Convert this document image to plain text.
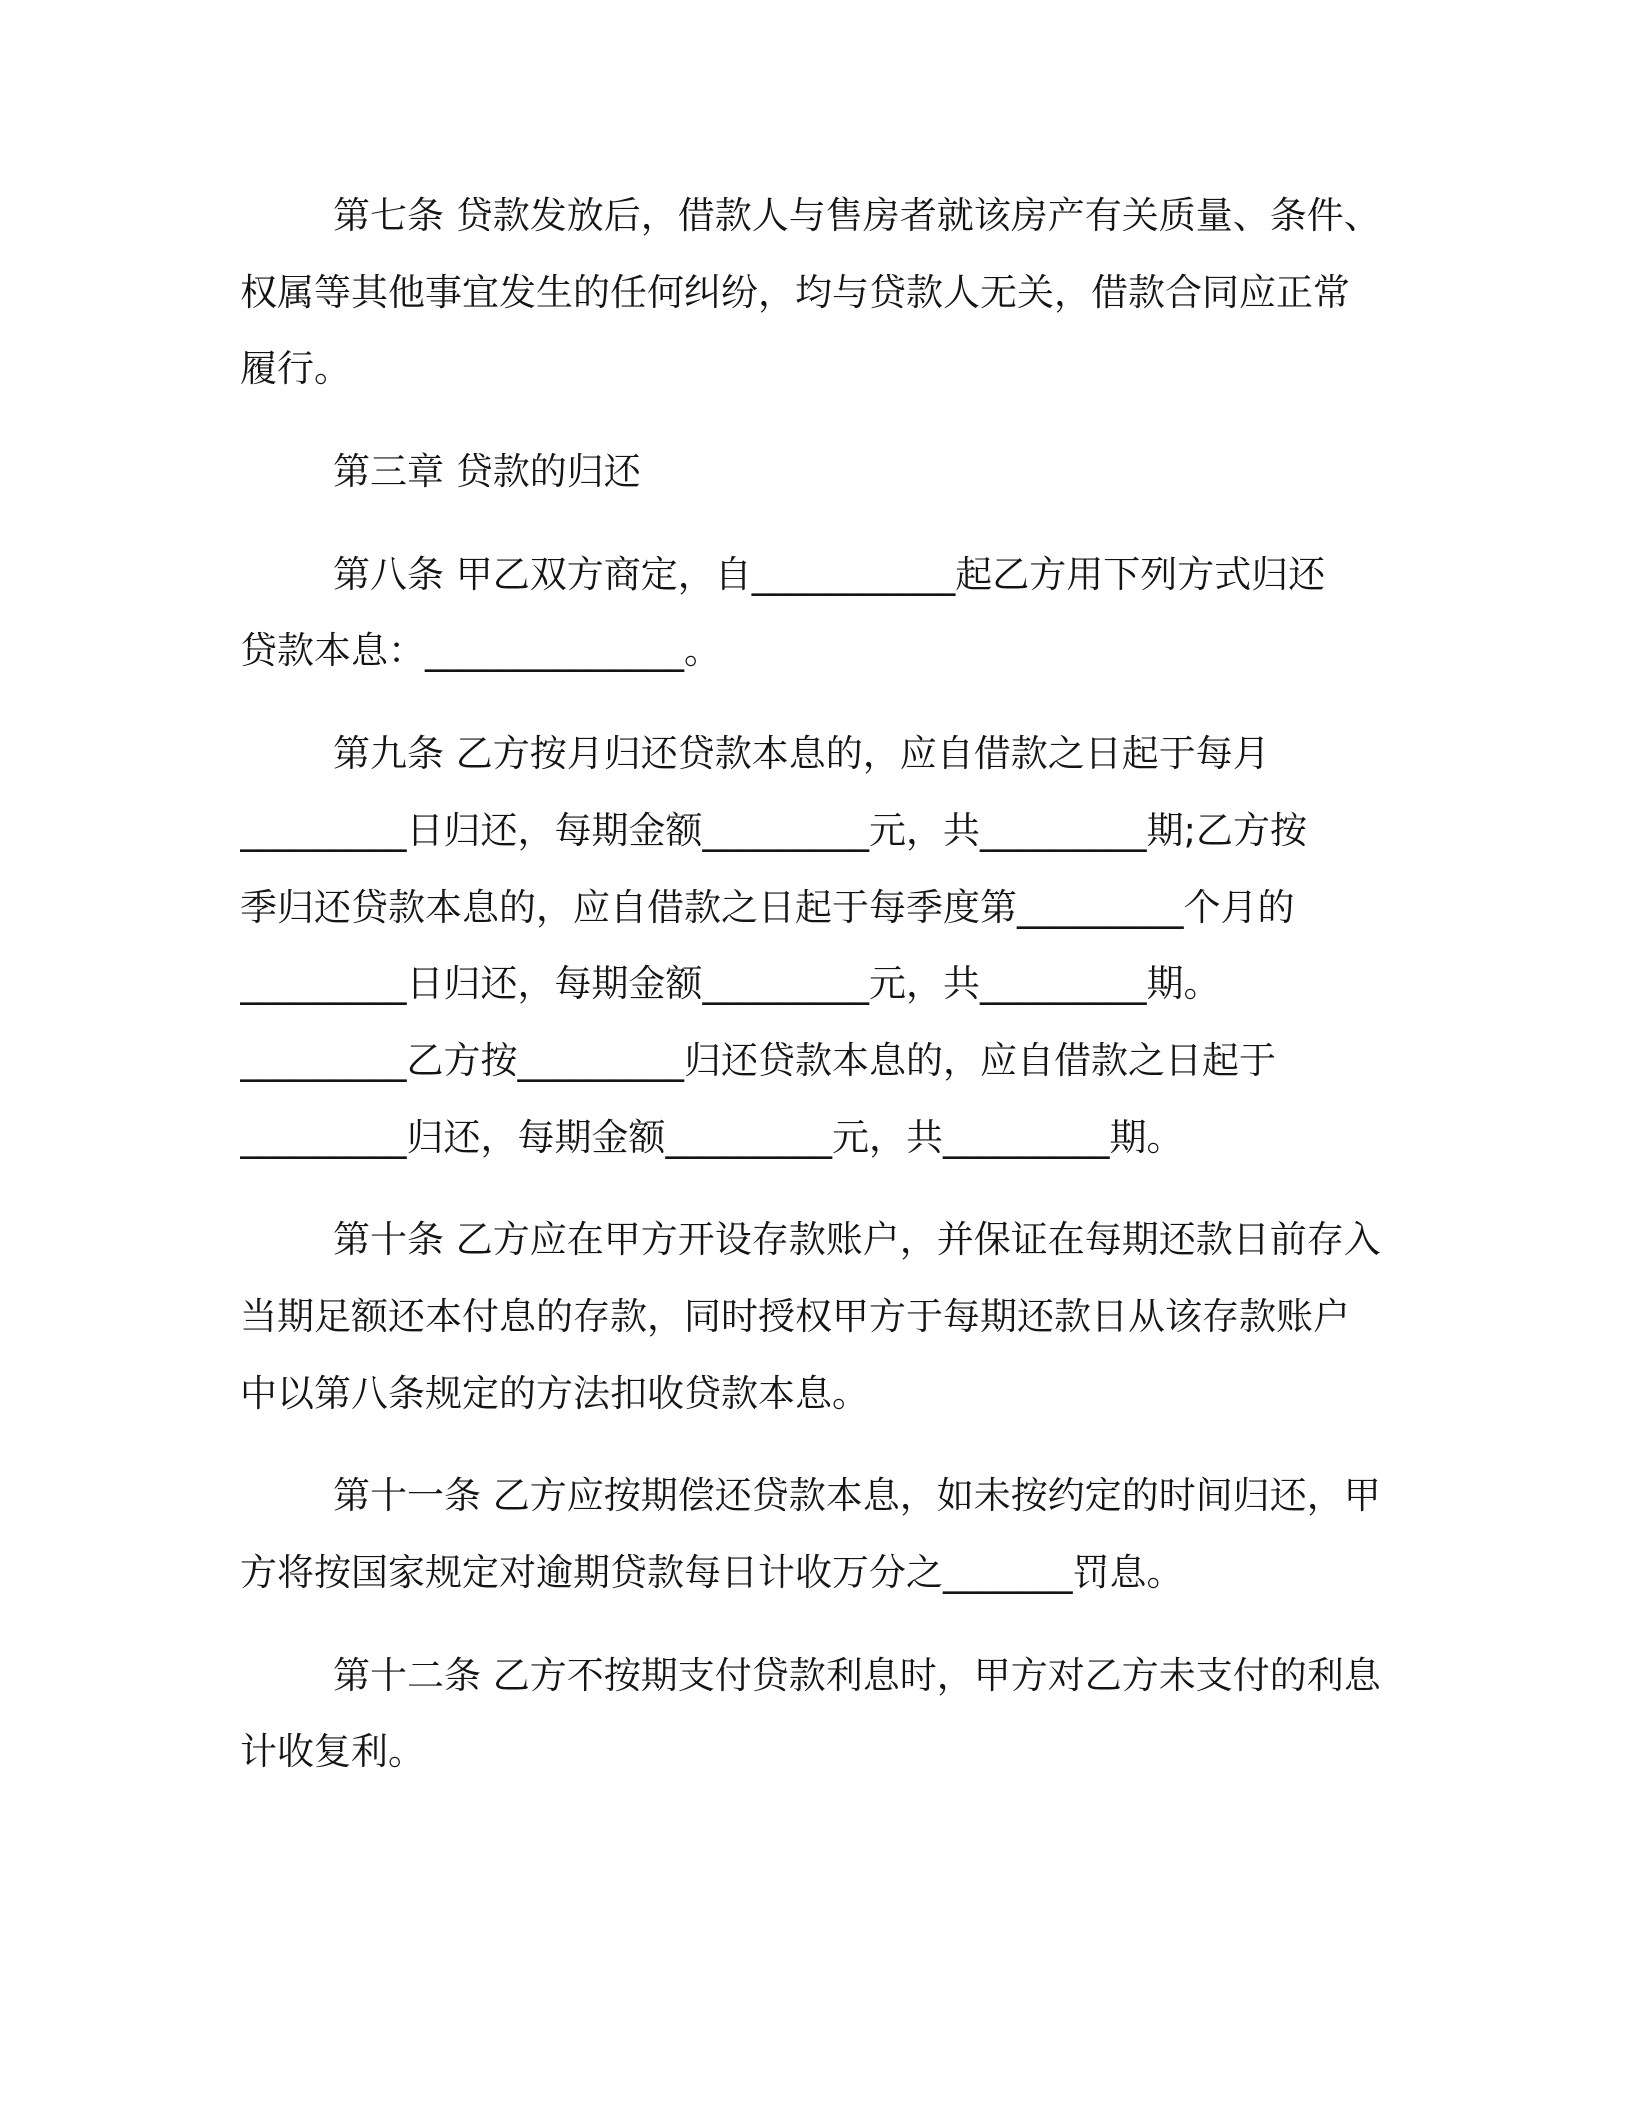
第七条 贷款发放后，借款人与售房者就该房产有关质量、条件、
权属等其他事宜发生的任何纠纷，均与贷款人无关，借款合同应正常
履行。
第三章 贷款的归还
第八条 甲乙双方商定，自___________起乙方用下列方式归还
贷款本息：______________。
第九条 乙方按月归还贷款本息的，应自借款之日起于每月
_________日归还，每期金额_________元，共_________期;乙方按
季归还贷款本息的，应自借款之日起于每季度第_________个月的
_________日归还，每期金额_________元，共_________期。
_________乙方按_________归还贷款本息的，应自借款之日起于
_________归还，每期金额_________元，共_________期。
第十条 乙方应在甲方开设存款账户，并保证在每期还款日前存入
当期足额还本付息的存款，同时授权甲方于每期还款日从该存款账户
中以第八条规定的方法扣收贷款本息。
第十一条 乙方应按期偿还贷款本息，如未按约定的时间归还，甲
方将按国家规定对逾期贷款每日计收万分之_______罚息。
第十二条 乙方不按期支付贷款利息时，甲方对乙方未支付的利息
计收复利。
